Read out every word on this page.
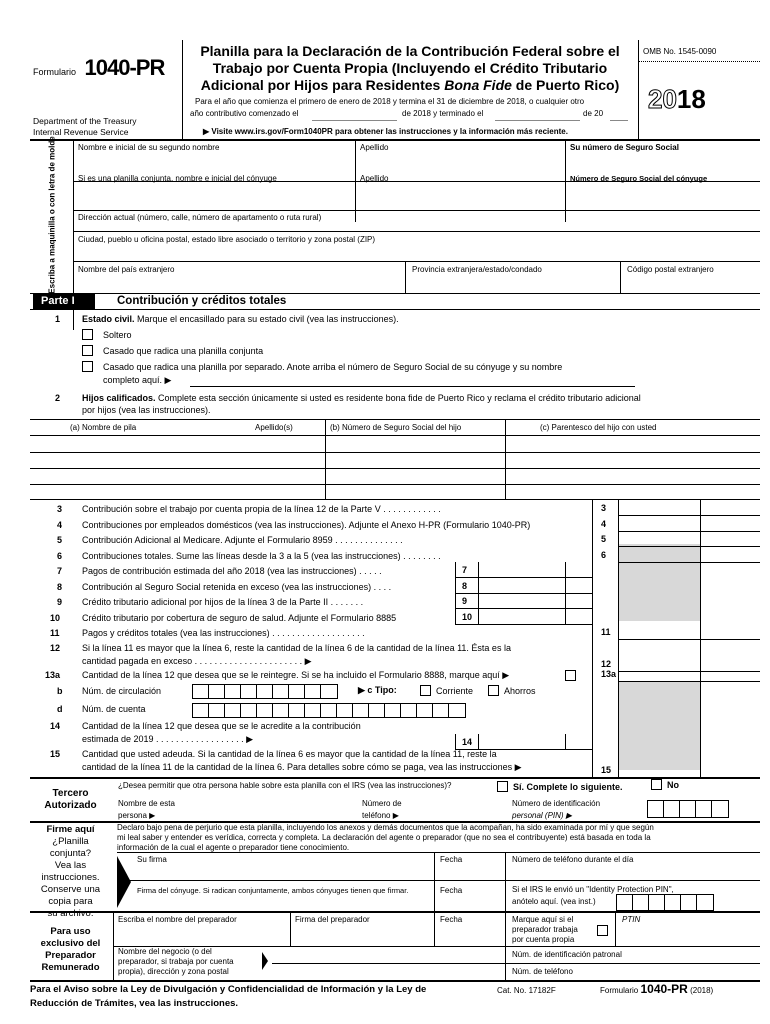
Formulario 1040-PR
Department of the Treasury
Internal Revenue Service
Planilla para la Declaración de la Contribución Federal sobre el
Trabajo por Cuenta Propia (Incluyendo el Crédito Tributario
Adicional por Hijos para Residentes Bona Fide de Puerto Rico)
Para el año que comienza el primero de enero de 2018 y termina el 31 de diciembre de 2018, o cualquier otro
año contributivo comenzado el	de 2018 y terminado el	de 20
▶ Visite www.irs.gov/Form1040PR para obtener las instrucciones y la información más reciente.
OMB No. 1545-0090
2018
Escriba a maquinilla o con letra de molde	Nombre e inicial de su segundo nombre	Apellido	Su número de Seguro Social
Si es una planilla conjunta, nombre e inicial del cónyuge	Apellido	Número de Seguro Social del cónyuge
Dirección actual (número, calle, número de apartamento o ruta rural)
Ciudad, pueblo u oficina postal, estado libre asociado o territorio y zona postal (ZIP)
Nombre del país extranjero	Provincia extranjera/estado/condado	Código postal extranjero
Parte I	Contribución y créditos totales
1 Estado civil. Marque el encasillado para su estado civil (vea las instrucciones).
Soltero
Casado que radica una planilla conjunta
Casado que radica una planilla por separado. Anote arriba el número de Seguro Social de su cónyuge y su nombre
completo aquí. ▶
2 Hijos calificados. Complete esta sección únicamente si usted es residente bona fide de Puerto Rico y reclama el crédito tributario adicional
por hijos (vea las instrucciones).
(a) Nombre de pila	Apellido(s)	(b) Número de Seguro Social del hijo	(c) Parentesco del hijo con usted
3 Contribución sobre el trabajo por cuenta propia de la línea 12 de la Parte V . . . . . . . . . . . .	3
4 Contribuciones por empleados domésticos (vea las instrucciones). Adjunte el Anexo H-PR (Formulario 1040-PR)	4
5 Contribución Adicional al Medicare. Adjunte el Formulario 8959 . . . . . . . . . . . . . .	5
6 Contribuciones totales. Sume las líneas desde la 3 a la 5 (vea las instrucciones) . . . . . . . .	6
7 Pagos de contribución estimada del año 2018 (vea las instrucciones) . . . . .	7
8 Contribución al Seguro Social retenida en exceso (vea las instrucciones) . . . .	8
9 Crédito tributario adicional por hijos de la línea 3 de la Parte II . . . . . . .	9
10 Crédito tributario por cobertura de seguro de salud. Adjunte el Formulario 8885	10
11 Pagos y créditos totales (vea las instrucciones) . . . . . . . . . . . . . . . . . . .	11
12 Si la línea 11 es mayor que la línea 6, reste la cantidad de la línea 6 de la cantidad de la línea 11. Ésta es la
cantidad pagada en exceso . . . . . . . . . . . . . . . . . . . . . . ▶	12
13a Cantidad de la línea 12 que desea que se le reintegre. Si se ha incluido el Formulario 8888, marque aquí ▶	13a
b Núm. de circulación
d Núm. de cuenta
14 Cantidad de la línea 12 que desea que se le acredite a la contribución
estimada de 2019 . . . . . . . . . . . . . . . . . . ▶	14
15 Cantidad que usted adeuda. Si la cantidad de la línea 6 es mayor que la cantidad de la línea 11, reste la
cantidad de la línea 11 de la cantidad de la línea 6. Para detalles sobre cómo se paga, vea las instrucciones ▶	15
▶ c Tipo:	Corriente	Ahorros
Tercero
Autorizado
¿Desea permitir que otra persona hable sobre esta planilla con el IRS (vea las instrucciones)?	Sí. Complete lo siguiente.	No
Nombre de esta
persona ▶
Número de
teléfono ▶
Número de identificación
personal (PIN) ▶
Firme aquí
¿Planilla
conjunta?
Vea las
instrucciones.
Conserve una
copia para
su archivo.
Declaro bajo pena de perjurio que esta planilla, incluyendo los anexos y demás documentos que la acompañan, ha sido examinada por mí y que según
mi leal saber y entender es verídica, correcta y completa. La declaración del agente o preparador (que no sea el contribuyente) está basada en toda la
información de la cual el agente o preparador tiene conocimiento.
Su firma	Fecha	Número de teléfono durante el día
Firma del cónyuge. Si radican conjuntamente, ambos cónyuges tienen que firmar.	Fecha	Si el IRS le envió un "Identity Protection PIN",
anótelo aquí. (vea inst.)
Para uso
exclusivo del
Preparador
Remunerado
Escriba el nombre del preparador	Firma del preparador	Fecha	Marque aquí si el
preparador trabaja
por cuenta propia
PTIN
Nombre del negocio (o del
preparador, si trabaja por cuenta
propia), dirección y zona postal
Núm. de identificación patronal
Núm. de teléfono
Para el Aviso sobre la Ley de Divulgación y Confidencialidad de Información y la Ley de
Reducción de Trámites, vea las instrucciones.
Cat. No. 17182F	Formulario 1040-PR (2018)
